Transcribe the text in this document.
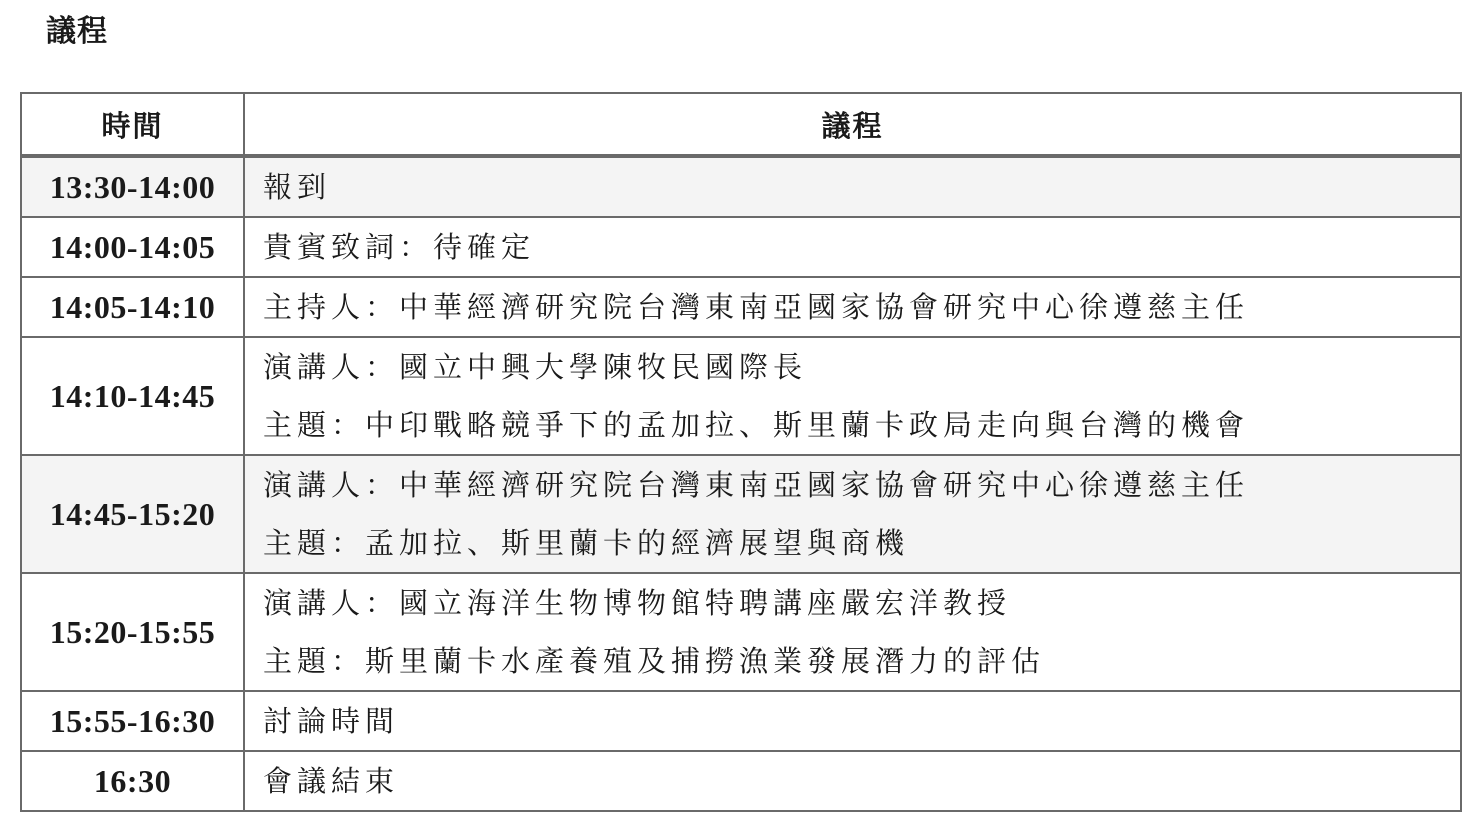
議程
時間	議程
13:30-14:00	報到

14:00-14:05	貴賓致詞：待確定

14:05-14:10	主持人：中華經濟研究院台灣東南亞國家協會研究中心徐遵慈主任

14:10-14:45	演講人：國立中興大學陳牧民國際長
主題：中印戰略競爭下的孟加拉、斯里蘭卡政局走向與台灣的機會

14:45-15:20	演講人：中華經濟研究院台灣東南亞國家協會研究中心徐遵慈主任
主題：孟加拉、斯里蘭卡的經濟展望與商機

15:20-15:55	演講人：國立海洋生物博物館特聘講座嚴宏洋教授
主題：斯里蘭卡水產養殖及捕撈漁業發展潛力的評估

15:55-16:30	討論時間

16:30	會議結束
